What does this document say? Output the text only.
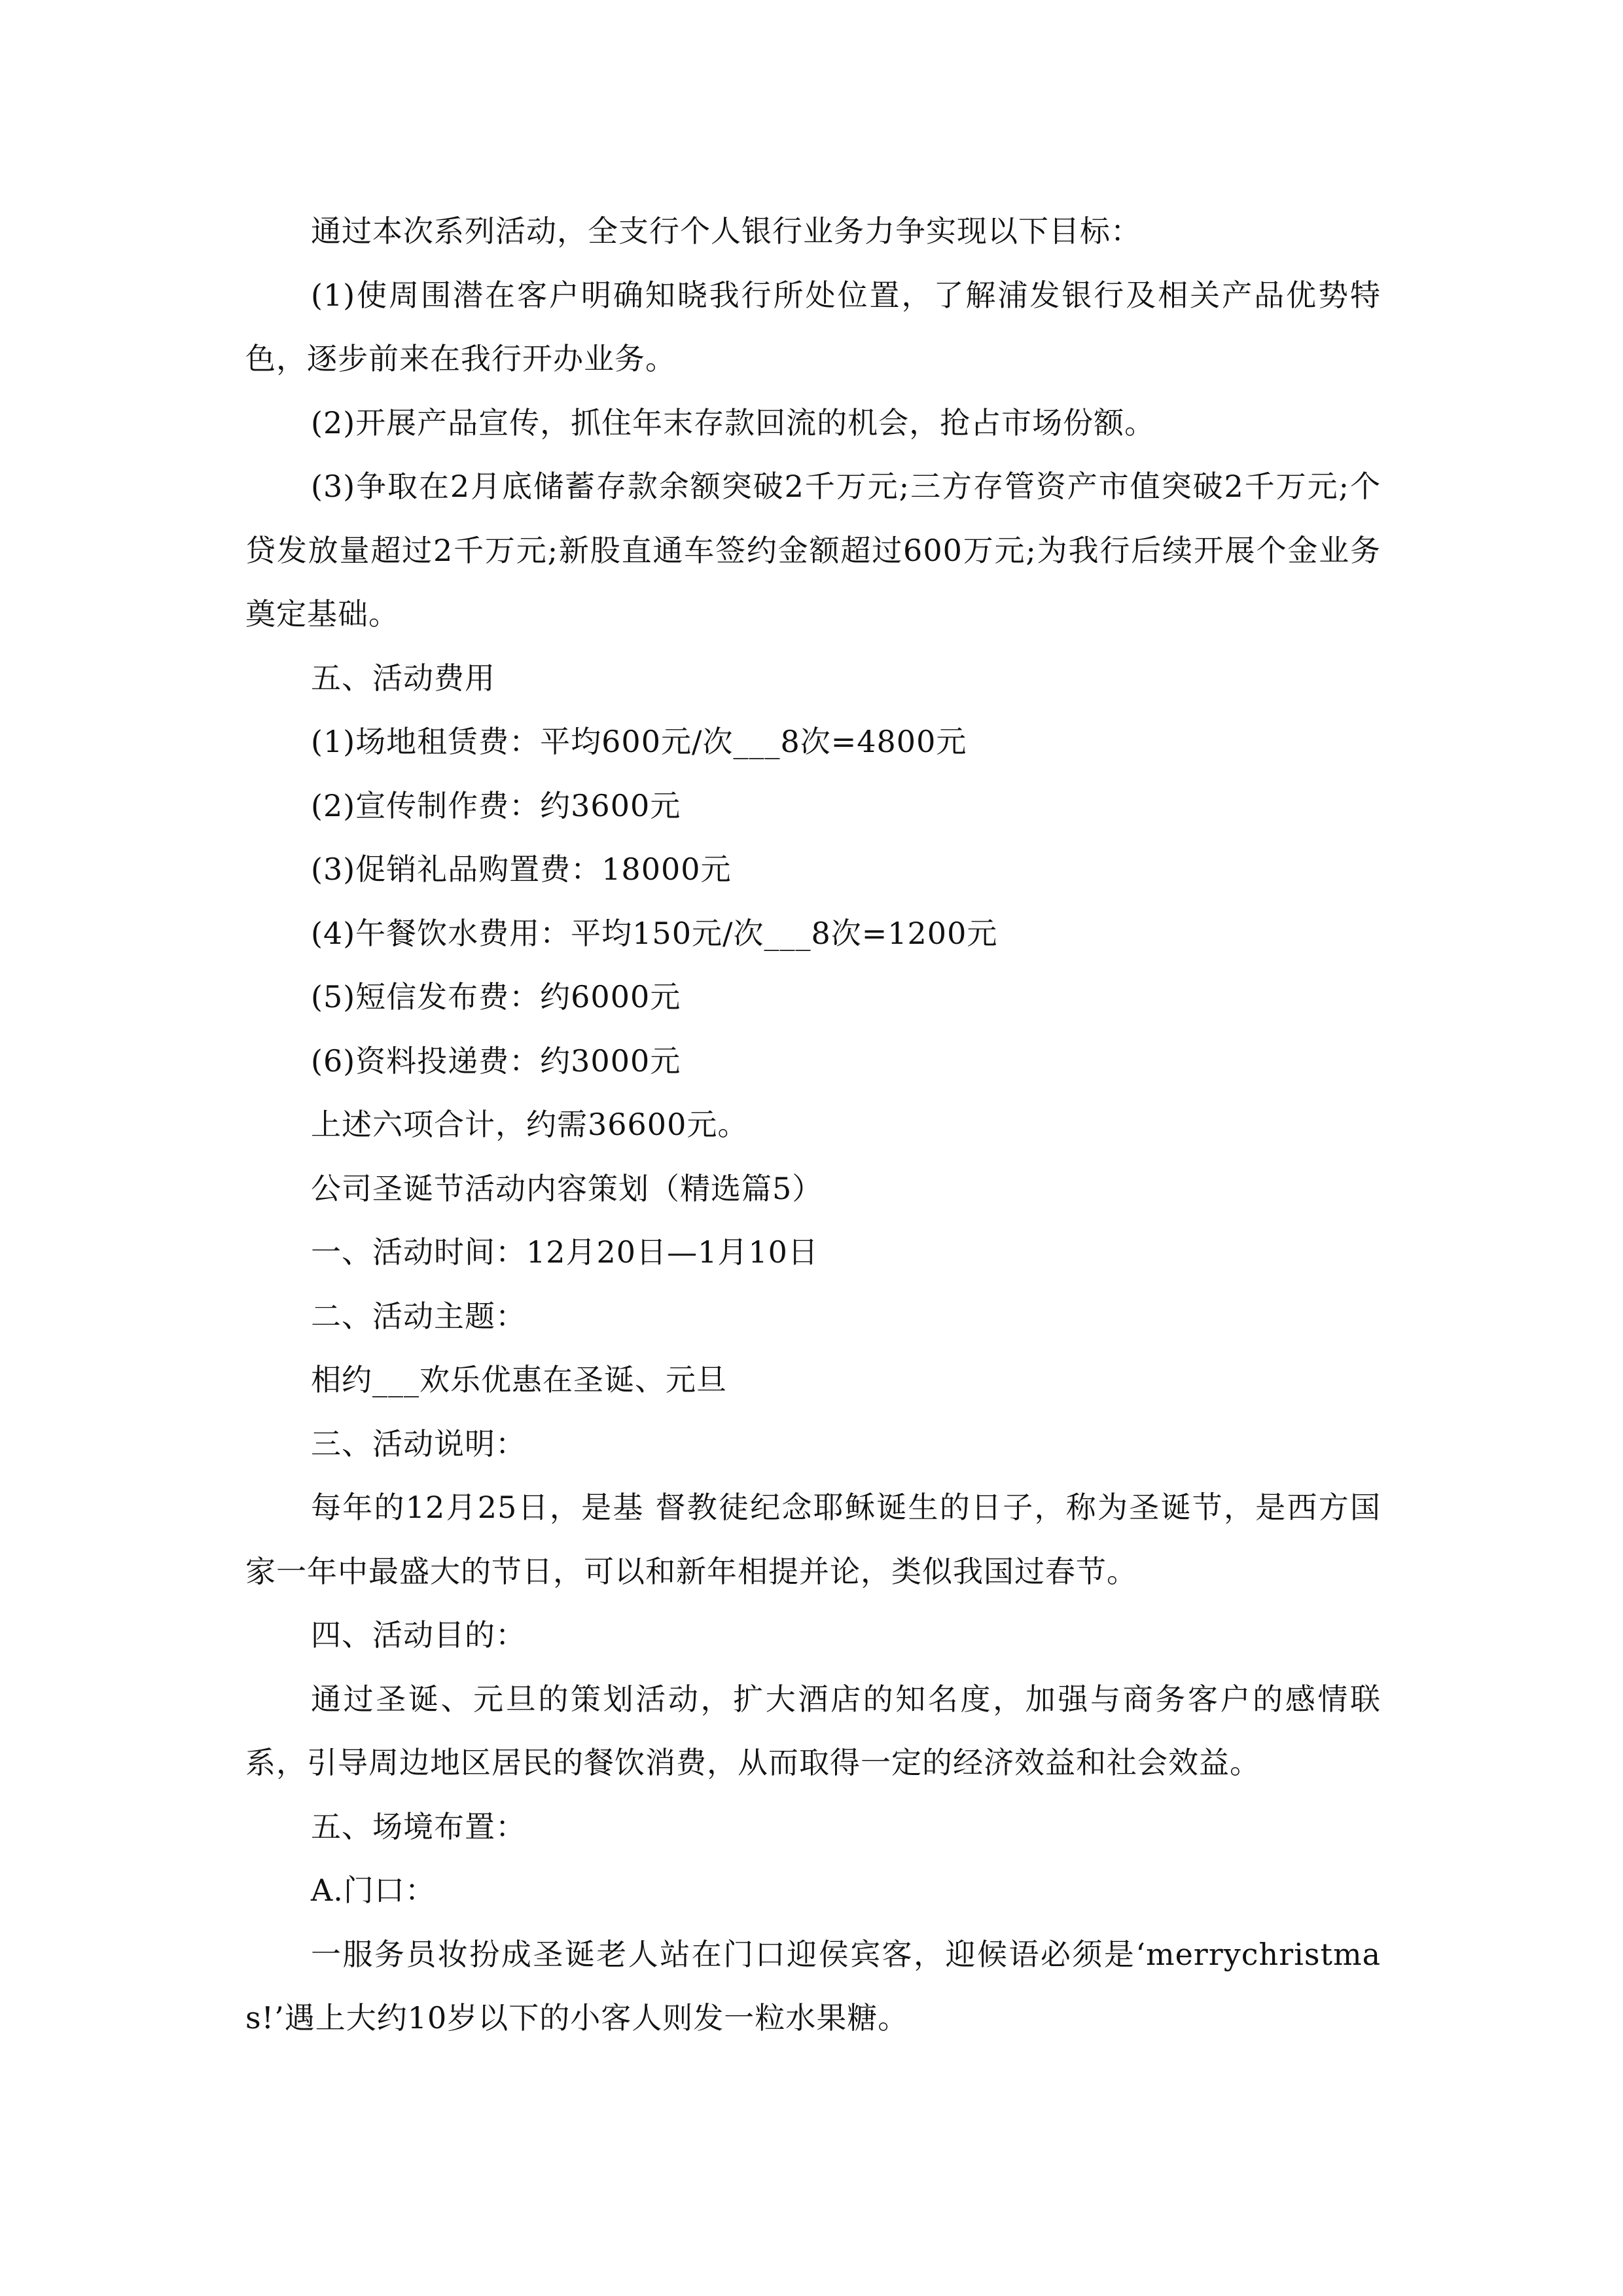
通过本次系列活动，全支行个人银行业务力争实现以下目标：

(1)使周围潜在客户明确知晓我行所处位置，了解浦发银行及相关产品优势特色，逐步前来在我行开办业务。

(2)开展产品宣传，抓住年末存款回流的机会，抢占市场份额。

(3)争取在2月底储蓄存款余额突破2千万元;三方存管资产市值突破2千万元;个贷发放量超过2千万元;新股直通车签约金额超过600万元;为我行后续开展个金业务奠定基础。

五、活动费用

(1)场地租赁费：平均600元/次___8次=4800元

(2)宣传制作费：约3600元

(3)促销礼品购置费：18000元

(4)午餐饮水费用：平均150元/次___8次=1200元

(5)短信发布费：约6000元

(6)资料投递费：约3000元

上述六项合计，约需36600元。

公司圣诞节活动内容策划（精选篇5）

一、活动时间：12月20日—1月10日

二、活动主题：

相约___欢乐优惠在圣诞、元旦

三、活动说明：

每年的12月25日，是基 督教徒纪念耶稣诞生的日子，称为圣诞节，是西方国家一年中最盛大的节日，可以和新年相提并论，类似我国过春节。

四、活动目的：

通过圣诞、元旦的策划活动，扩大酒店的知名度，加强与商务客户的感情联系，引导周边地区居民的餐饮消费，从而取得一定的经济效益和社会效益。

五、场境布置：

A.门口：

一服务员妆扮成圣诞老人站在门口迎侯宾客，迎候语必须是‘merrychristmas!’遇上大约10岁以下的小客人则发一粒水果糖。
